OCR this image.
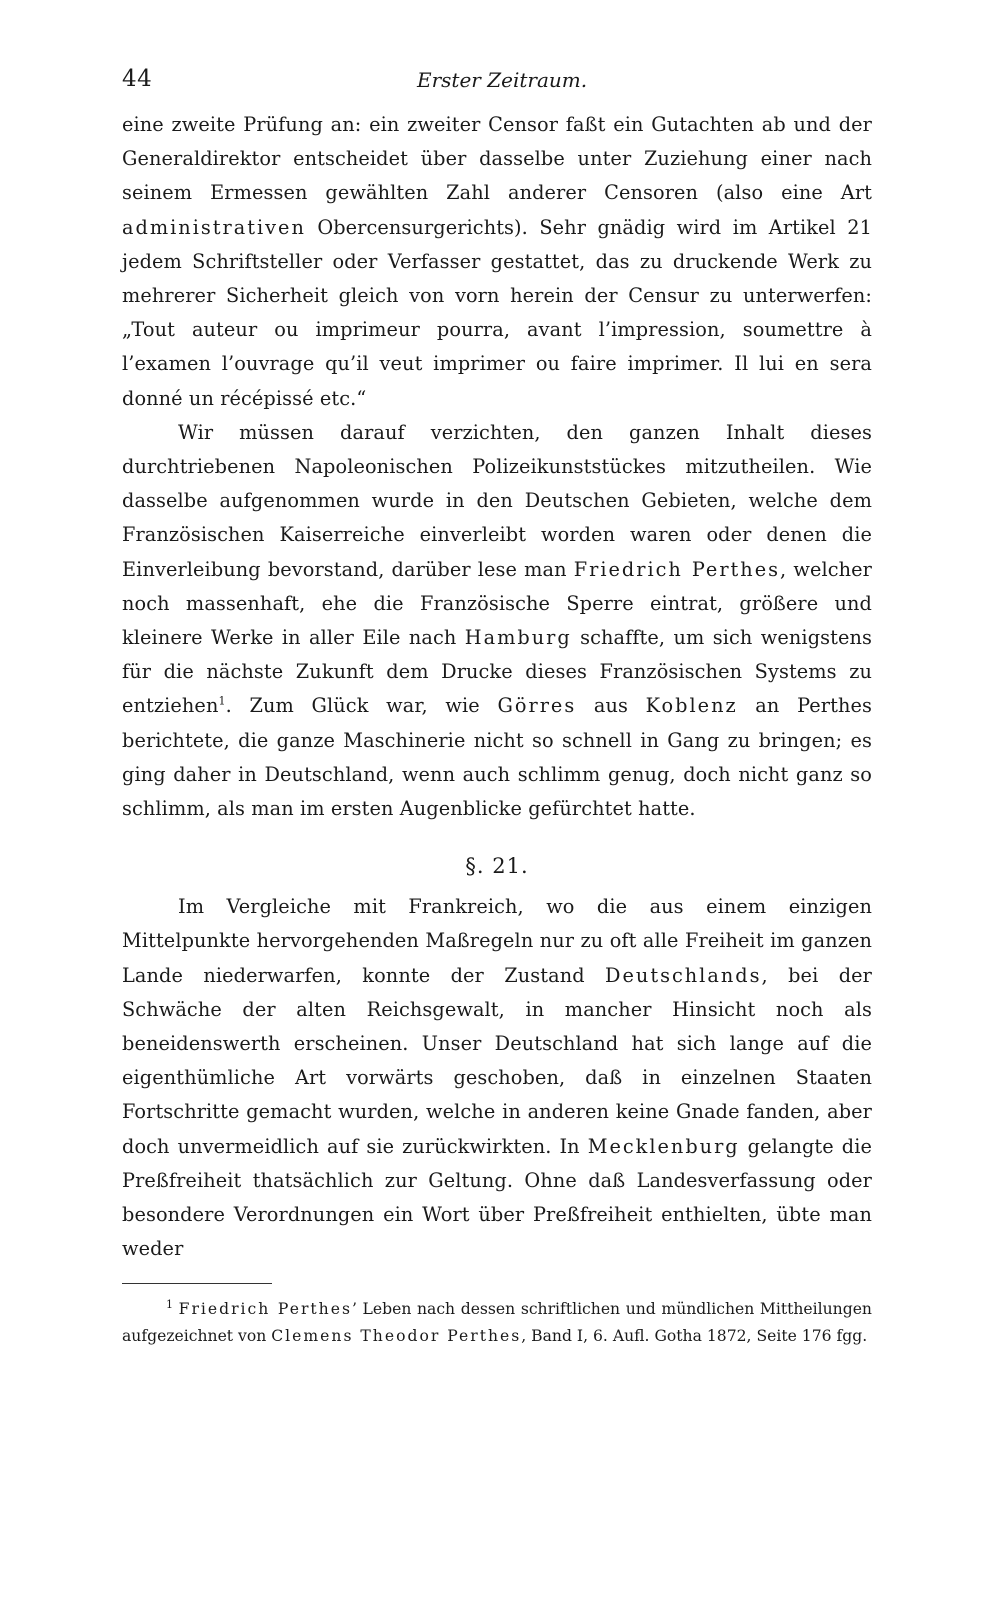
44	Erster Zeitraum.

eine zweite Prüfung an: ein zweiter Censor faßt ein Gutachten ab und der Generaldirektor entscheidet über dasselbe unter Zuziehung einer nach seinem Ermessen gewählten Zahl anderer Censoren (also eine Art administrativen Obercensurgerichts). Sehr gnädig wird im Artikel 21 jedem Schriftsteller oder Verfasser gestattet, das zu druckende Werk zu mehrerer Sicherheit gleich von vorn herein der Censur zu unterwerfen: „Tout auteur ou imprimeur pourra, avant l’impression, soumettre à l’examen l’ouvrage qu’il veut imprimer ou faire imprimer. Il lui en sera donné un récépissé etc.“

Wir müssen darauf verzichten, den ganzen Inhalt dieses durchtriebenen Napoleonischen Polizeikunststückes mitzutheilen. Wie dasselbe aufgenommen wurde in den Deutschen Gebieten, welche dem Französischen Kaiserreiche einverleibt worden waren oder denen die Einverleibung bevorstand, darüber lese man Friedrich Perthes, welcher noch massenhaft, ehe die Französische Sperre eintrat, größere und kleinere Werke in aller Eile nach Hamburg schaffte, um sich wenigstens für die nächste Zukunft dem Drucke dieses Französischen Systems zu entziehen$^1$. Zum Glück war, wie Görres aus Koblenz an Perthes berichtete, die ganze Maschinerie nicht so schnell in Gang zu bringen; es ging daher in Deutschland, wenn auch schlimm genug, doch nicht ganz so schlimm, als man im ersten Augenblicke gefürchtet hatte.

§. 21.

Im Vergleiche mit Frankreich, wo die aus einem einzigen Mittelpunkte hervorgehenden Maßregeln nur zu oft alle Freiheit im ganzen Lande niederwarfen, konnte der Zustand Deutschlands, bei der Schwäche der alten Reichsgewalt, in mancher Hinsicht noch als beneidenswerth erscheinen. Unser Deutschland hat sich lange auf die eigenthümliche Art vorwärts geschoben, daß in einzelnen Staaten Fortschritte gemacht wurden, welche in anderen keine Gnade fanden, aber doch unvermeidlich auf sie zurückwirkten. In Mecklenburg gelangte die Preßfreiheit thatsächlich zur Geltung. Ohne daß Landesverfassung oder besondere Verordnungen ein Wort über Preßfreiheit enthielten, übte man weder

$^1$ Friedrich Perthes’ Leben nach dessen schriftlichen und mündlichen Mittheilungen aufgezeichnet von Clemens Theodor Perthes, Band I, 6. Aufl. Gotha 1872, Seite 176 fgg.
